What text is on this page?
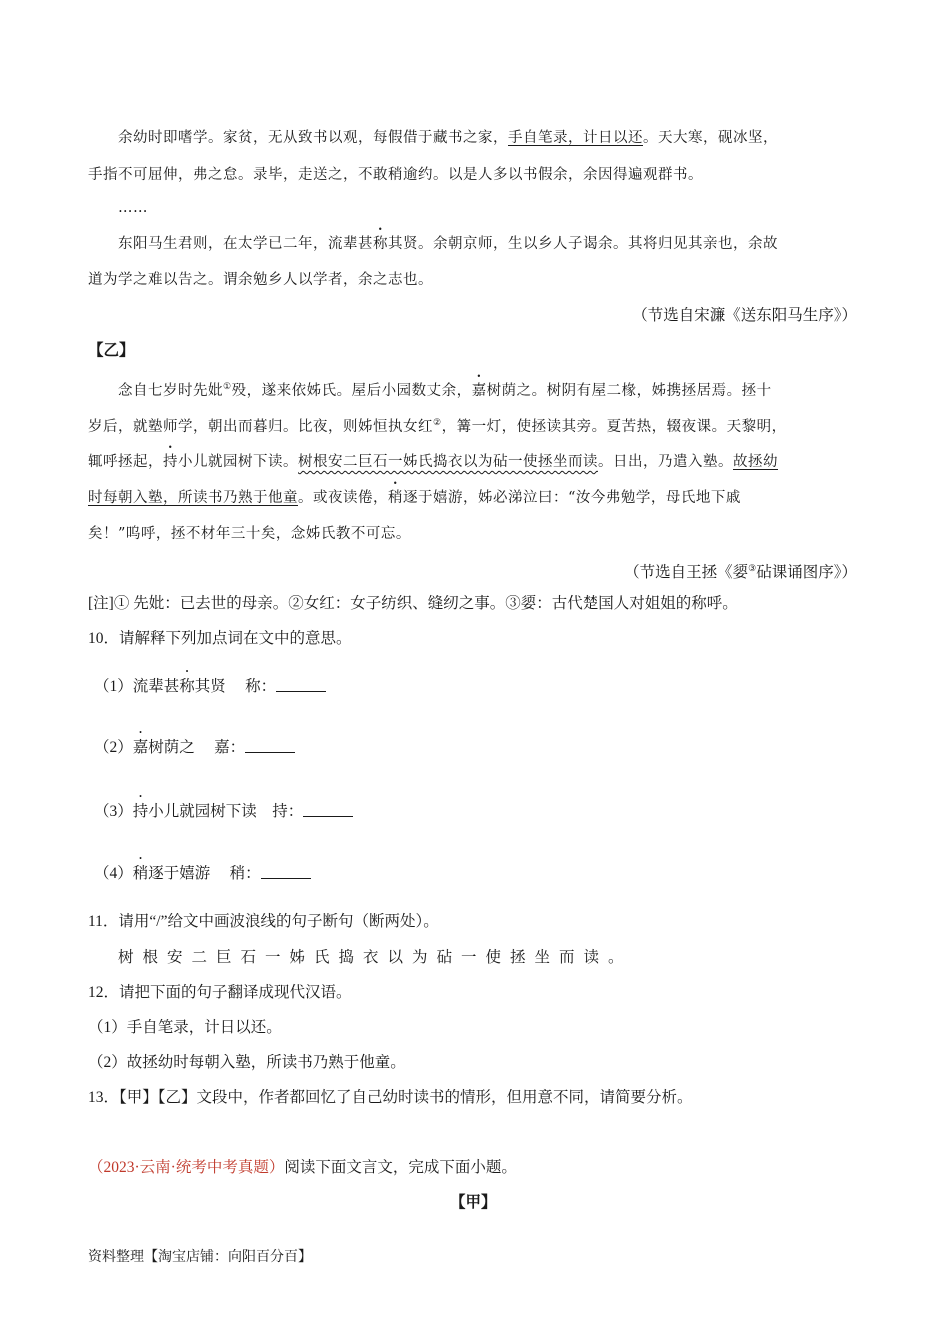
余幼时即嗜学。家贫，无从致书以观，每假借于藏书之家，手自笔录，计日以还。天大寒，砚冰坚，
手指不可屈伸，弗之怠。录毕，走送之，不敢稍逾约。以是人多以书假余，余因得遍观群书。
……
东阳马生君则，在太学已二年，流辈甚称其贤。余朝京师，生以乡人子谒余。其将归见其亲也，余故
道为学之难以告之。谓余勉乡人以学者，余之志也。
（节选自宋濂《送东阳马生序》）
【乙】
念自七岁时先妣①殁，遂来依姊氏。屋后小园数丈余，嘉树荫之。树阴有屋二椽，姊携拯居焉。拯十
岁后，就塾师学，朝出而暮归。比夜，则姊恒执女红②，篝一灯，使拯读其旁。夏苦热，辍夜课。天黎明，
辄呼拯起，持小儿就园树下读。树根安二巨石一姊氏捣衣以为砧一使拯坐而读。日出，乃遣入塾。故拯幼
时每朝入塾，所读书乃熟于他童。或夜读倦，稍逐于嬉游，姊必涕泣曰：“汝今弗勉学，母氏地下戚
矣！”呜呼，拯不材年三十矣，念姊氏教不可忘。
（节选自王拯《媭③砧课诵图序》）
[注]① 先妣：已去世的母亲。②女红：女子纺织、缝纫之事。③媭：古代楚国人对姐姐的称呼。
10．请解释下列加点词在文中的意思。
（1）流辈甚称其贤　 称：
（2）嘉树荫之　 嘉：
（3）持小儿就园树下读　持：
（4）稍逐于嬉游　 稍：
11．请用“/”给文中画波浪线的句子断句（断两处）。
树根安二巨石一姊氏捣衣以为砧一使拯坐而读。
12．请把下面的句子翻译成现代汉语。
（1）手自笔录，计日以还。
（2）故拯幼时每朝入塾，所读书乃熟于他童。
13．【甲】【乙】文段中，作者都回忆了自己幼时读书的情形，但用意不同，请简要分析。
（2023·云南·统考中考真题）阅读下面文言文，完成下面小题。
【甲】
资料整理【淘宝店铺：向阳百分百】
